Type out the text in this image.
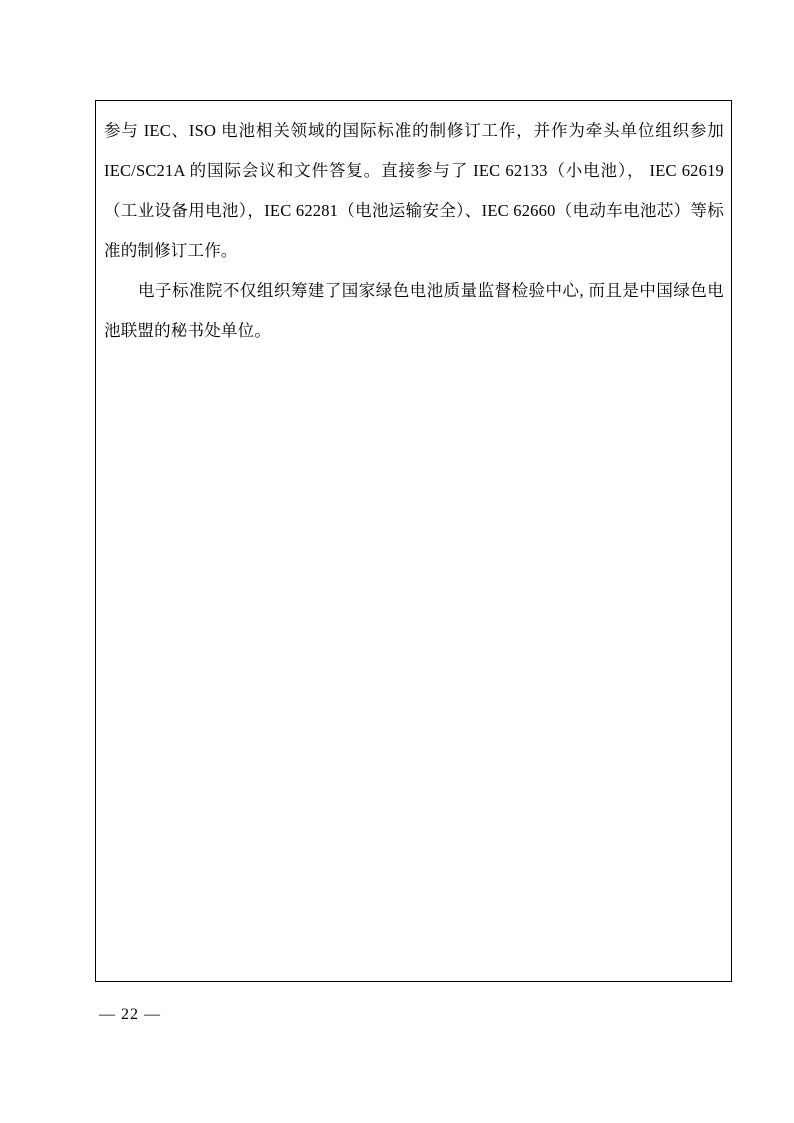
参与 IEC、ISO 电池相关领域的国际标准的制修订工作，并作为牵头单位组织参加 IEC/SC21A 的国际会议和文件答复。直接参与了 IEC 62133（小电池）， IEC 62619（工业设备用电池），IEC 62281（电池运输安全）、IEC 62660（电动车电池芯）等标准的制修订工作。

电子标准院不仅组织筹建了国家绿色电池质量监督检验中心, 而且是中国绿色电池联盟的秘书处单位。

— 22 —
